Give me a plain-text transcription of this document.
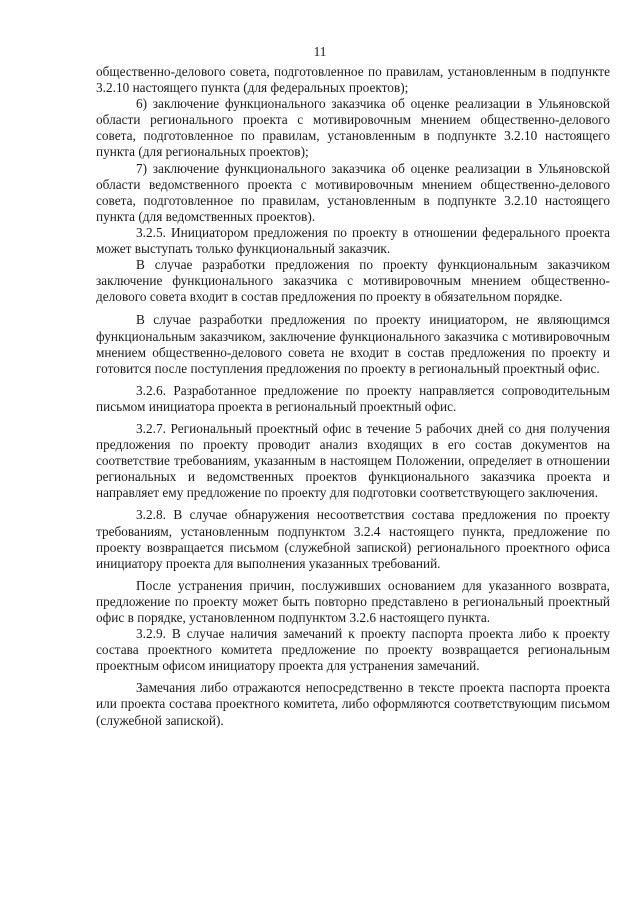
11

общественно-делового совета, подготовленное по правилам, установленным в подпункте 3.2.10 настоящего пункта (для федеральных проектов);

6) заключение функционального заказчика об оценке реализации в Ульяновской области регионального проекта с мотивировочным мнением общественно-делового совета, подготовленное по правилам, установленным в подпункте 3.2.10 настоящего пункта (для региональных проектов);

7) заключение функционального заказчика об оценке реализации в Ульяновской области ведомственного проекта с мотивировочным мнением общественно-делового совета, подготовленное по правилам, установленным в подпункте 3.2.10 настоящего пункта (для ведомственных проектов).

3.2.5. Инициатором предложения по проекту в отношении федерального проекта может выступать только функциональный заказчик.

В случае разработки предложения по проекту функциональным заказчиком заключение функционального заказчика с мотивировочным мнением общественно-делового совета входит в состав предложения по проекту в обязательном порядке.

В случае разработки предложения по проекту инициатором, не являющимся функциональным заказчиком, заключение функционального заказчика с мотивировочным мнением общественно-делового совета не входит в состав предложения по проекту и готовится после поступления предложения по проекту в региональный проектный офис.

3.2.6. Разработанное предложение по проекту направляется сопроводительным письмом инициатора проекта в региональный проектный офис.

3.2.7. Региональный проектный офис в течение 5 рабочих дней со дня получения предложения по проекту проводит анализ входящих в его состав документов на соответствие требованиям, указанным в настоящем Положении, определяет в отношении региональных и ведомственных проектов функционального заказчика проекта и направляет ему предложение по проекту для подготовки соответствующего заключения.

3.2.8. В случае обнаружения несоответствия состава предложения по проекту требованиям, установленным подпунктом 3.2.4 настоящего пункта, предложение по проекту возвращается письмом (служебной запиской) регионального проектного офиса инициатору проекта для выполнения указанных требований.

После устранения причин, послуживших основанием для указанного возврата, предложение по проекту может быть повторно представлено в региональный проектный офис в порядке, установленном подпунктом 3.2.6 настоящего пункта.

3.2.9. В случае наличия замечаний к проекту паспорта проекта либо к проекту состава проектного комитета предложение по проекту возвращается региональным проектным офисом инициатору проекта для устранения замечаний.

Замечания либо отражаются непосредственно в тексте проекта паспорта проекта или проекта состава проектного комитета, либо оформляются соответствующим письмом (служебной запиской).
